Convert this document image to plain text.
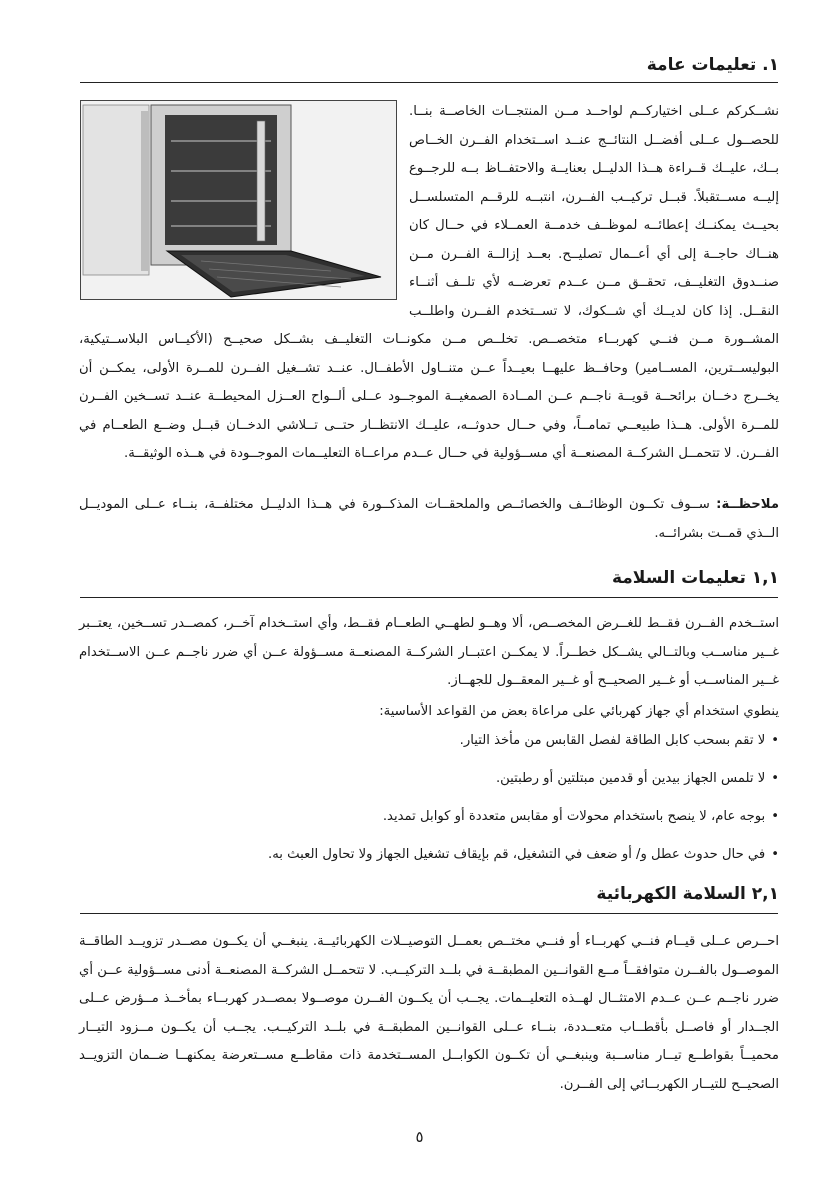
١. تعليمات عامة
نشــكركم عــلى اختياركــم لواحــد مــن المنتجــات الخاصــة بنــا. للحصــول عــلى أفضــل النتائــج عنــد اســتخدام الفــرن الخــاص بــك، عليــك قــراءة هــذا الدليــل بعنايــة والاحتفــاظ بــه للرجــوع إليــه مســتقبلاً. قبــل تركيــب الفــرن، انتبــه للرقــم المتسلســل بحيــث يمكنــك إعطائــه لموظــف خدمــة العمــلاء في حــال كان هنــاك حاجــة إلى أي أعــمال تصليــح. بعــد إزالــة الفــرن مــن صنــدوق التغليــف، تحقــق مــن عــدم تعرضــه لأي تلــف أثنــاء النقــل. إذا كان لديــك أي شــكوك، لا تســتخدم الفــرن واطلــب المشــورة مــن فنــي كهربــاء متخصــص. تخلــص مــن مكونــات التغليــف بشــكل صحيــح (الأكيــاس البلاســتيكية، البوليســترين، المســامير) وحافــظ عليهــا بعيــداً عــن متنــاول الأطفــال. عنــد تشــغيل الفــرن للمــرة الأولى، يمكــن أن يخــرج دخــان برائحــة قويــة ناجــم عــن المــادة الصمغيــة الموجــود عــلى ألــواح العــزل المحيطــة عنــد تســخين الفــرن للمــرة الأولى. هــذا طبيعــي تمامــاً، وفي حــال حدوثــه، عليــك الانتظــار حتــى تــلاشي الدخــان قبــل وضــع الطعــام في الفــرن. لا تتحمــل الشركــة المصنعــة أي مســؤولية في حــال عــدم مراعــاة التعليــمات الموجــودة في هــذه الوثيقــة.
ملاحظــة: ســوف تكــون الوظائــف والخصائــص والملحقــات المذكــورة في هــذا الدليــل مختلفــة، بنــاء عــلى الموديــل الــذي قمــت بشرائــه.
١,١ تعليمات السلامة
استــخدم الفــرن فقــط للغــرض المخصــص، ألا وهــو لطهــي الطعــام فقــط، وأي استــخدام آخــر، كمصــدر تســخين، يعتــبر غــير مناســب وبالتــالي يشــكل خطــراً. لا يمكــن اعتبــار الشركــة المصنعــة مســؤولة عــن أي ضرر ناجــم عــن الاســتخدام غــير المناســب أو غــير الصحيــح أو غــير المعقــول للجهــاز.
ينطوي استخدام أي جهاز كهربائي على مراعاة بعض من القواعد الأساسية:
•لا تقم بسحب كابل الطاقة لفصل القابس من مأخذ التيار.
•لا تلمس الجهاز بيدين أو قدمين مبتلتين أو رطبتين.
•بوجه عام، لا ينصح باستخدام محولات أو مقابس متعددة أو كوابل تمديد.
•في حال حدوث عطل و/ أو ضعف في التشغيل، قم بإيقاف تشغيل الجهاز ولا تحاول العبث به.
٢,١ السلامة الكهربائية
احــرص عــلى قيــام فنــي كهربــاء أو فنــي مختــص بعمــل التوصيــلات الكهربائيــة. ينبغــي أن يكــون مصــدر تزويــد الطاقــة الموصــول بالفــرن متوافقــاً مــع القوانــين المطبقــة في بلــد التركيــب. لا تتحمــل الشركــة المصنعــة أدنى مســؤولية عــن أي ضرر ناجــم عــن عــدم الامتثــال لهــذه التعليــمات. يجــب أن يكــون الفــرن موصــولا بمصــدر كهربــاء بمأخــذ مــؤرض عــلى الجــدار أو فاصــل بأقطــاب متعــددة، بنــاء عــلى القوانــين المطبقــة في بلــد التركيــب. يجــب أن يكــون مــزود التيــار محميــاً بقواطــع تيــار مناســبة وينبغــي أن تكــون الكوابــل المســتخدمة ذات مقاطــع مســتعرضة يمكنهــا ضــمان التزويــد الصحيــح للتيــار الكهربــائي إلى الفــرن.
٥
